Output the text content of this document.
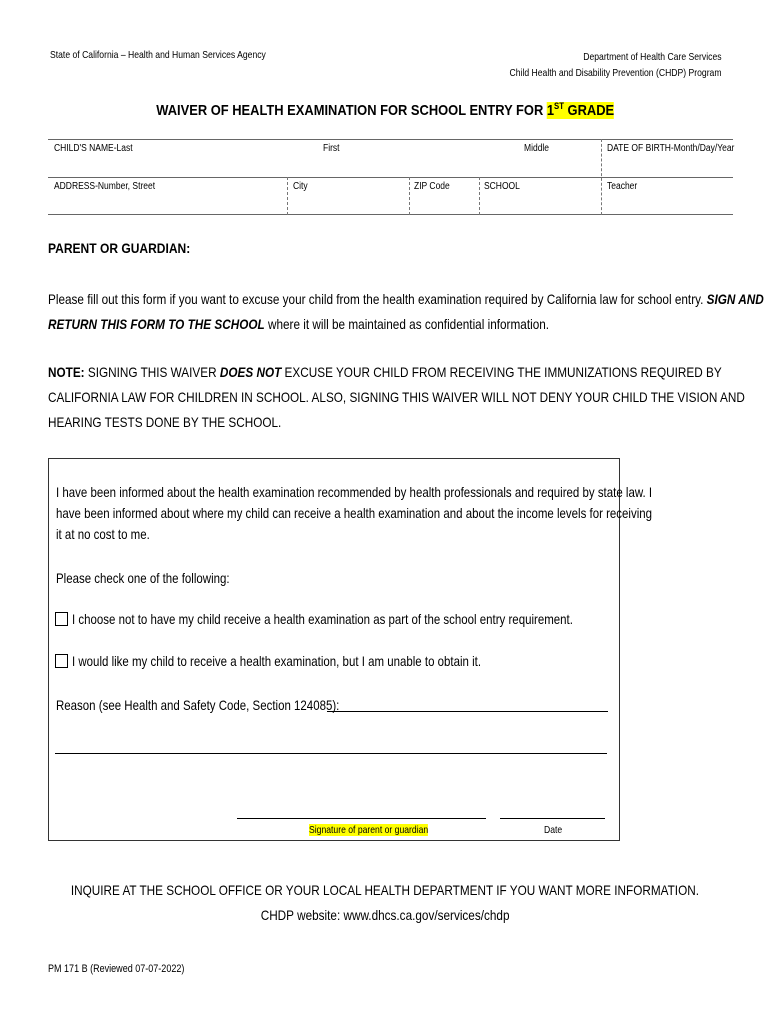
State of California – Health and Human Services Agency	Department of Health Care Services
Child Health and Disability Prevention (CHDP) Program
WAIVER OF HEALTH EXAMINATION FOR SCHOOL ENTRY FOR 1ST GRADE
CHILD'S NAME-Last	First	Middle	DATE OF BIRTH-Month/Day/Year
ADDRESS-Number, Street	City	ZIP Code	SCHOOL	Teacher
PARENT OR GUARDIAN:
Please fill out this form if you want to excuse your child from the health examination required by California law for school entry. SIGN AND
RETURN THIS FORM TO THE SCHOOL where it will be maintained as confidential information.
NOTE: SIGNING THIS WAIVER DOES NOT EXCUSE YOUR CHILD FROM RECEIVING THE IMMUNIZATIONS REQUIRED BY
CALIFORNIA LAW FOR CHILDREN IN SCHOOL. ALSO, SIGNING THIS WAIVER WILL NOT DENY YOUR CHILD THE VISION AND
HEARING TESTS DONE BY THE SCHOOL.
I have been informed about the health examination recommended by health professionals and required by state law. I
have been informed about where my child can receive a health examination and about the income levels for receiving
it at no cost to me.
Please check one of the following:
I choose not to have my child receive a health examination as part of the school entry requirement.
I would like my child to receive a health examination, but I am unable to obtain it.
Reason (see Health and Safety Code, Section 124085):
Signature of parent or guardian	Date
INQUIRE AT THE SCHOOL OFFICE OR YOUR LOCAL HEALTH DEPARTMENT IF YOU WANT MORE INFORMATION.
CHDP website: www.dhcs.ca.gov/services/chdp
PM 171 B (Reviewed 07-07-2022)
